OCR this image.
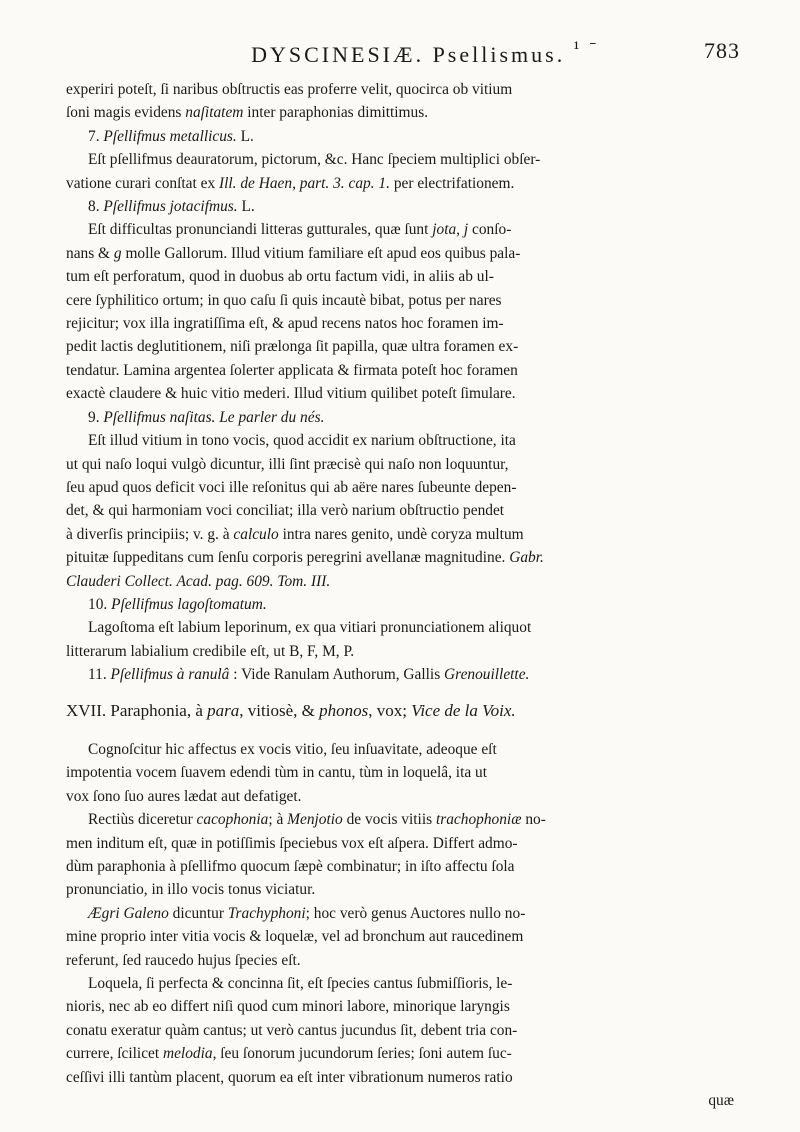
DYSCINESIÆ. Psellismus. $^{^1 ˉ}$	783

experiri poteſt, ſi naribus obſtructis eas proferre velit, quocirca ob vitium

ſoni magis evidens naſitatem inter paraphonias dimittimus.

7. Pſellifmus metallicus. L.

Eſt pſellifmus deauratorum, pictorum, &c. Hanc ſpeciem multiplici obſer-

vatione curari conſtat ex Ill. de Haen, part. 3. cap. 1. per electrifationem.

8. Pſellifmus jotacifmus. L.

Eſt difficultas pronunciandi litteras gutturales, quæ ſunt jota, j conſo-

nans & g molle Gallorum. Illud vitium familiare eſt apud eos quibus pala-

tum eſt perforatum, quod in duobus ab ortu factum vidi, in aliis ab ul-

cere ſyphilitico ortum; in quo caſu ſi quis incautè bibat, potus per nares

rejicitur; vox illa ingratiſſima eſt, & apud recens natos hoc foramen im-

pedit lactis deglutitionem, niſi prælonga ſit papilla, quæ ultra foramen ex-

tendatur. Lamina argentea ſolerter applicata & firmata poteſt hoc foramen

exactè claudere & huic vitio mederi. Illud vitium quilibet poteſt ſimulare.

9. Pſellifmus naſitas. Le parler du nés.

Eſt illud vitium in tono vocis, quod accidit ex narium obſtructione, ita

ut qui naſo loqui vulgò dicuntur, illi ſint præcisè qui naſo non loquuntur,

ſeu apud quos deficit voci ille reſonitus qui ab aëre nares ſubeunte depen-

det, & qui harmoniam voci conciliat; illa verò narium obſtructio pendet

à diverſis principiis; v. g. à calculo intra nares genito, undè coryza multum

pituitæ ſuppeditans cum ſenſu corporis peregrini avellanæ magnitudine. Gabr.

Clauderi Collect. Acad. pag. 609. Tom. III.

10. Pſellifmus lagoſtomatum.

Lagoſtoma eſt labium leporinum, ex qua vitiari pronunciationem aliquot

litterarum labialium credibile eſt, ut B, F, M, P.

11. Pſellifmus à ranulâ : Vide Ranulam Authorum, Gallis Grenouillette.

XVII. Paraphonia, à para, vitiosè, & phonos, vox; Vice de la Voix.

Cognoſcitur hic affectus ex vocis vitio, ſeu inſuavitate, adeoque eſt

impotentia vocem ſuavem edendi tùm in cantu, tùm in loquelâ, ita ut

vox ſono ſuo aures lædat aut defatiget.

Rectiùs diceretur cacophonia; à Menjotio de vocis vitiis trachophoniæ no-

men inditum eſt, quæ in potiſſimis ſpeciebus vox eſt aſpera. Differt admo-

dùm paraphonia à pſellifmo quocum ſæpè combinatur; in iſto affectu ſola

pronunciatio, in illo vocis tonus viciatur.

Ægri Galeno dicuntur Trachyphoni; hoc verò genus Auctores nullo no-

mine proprio inter vitia vocis & loquelæ, vel ad bronchum aut raucedinem

referunt, ſed raucedo hujus ſpecies eſt.

Loquela, ſi perfecta & concinna ſit, eſt ſpecies cantus ſubmiſſioris, le-

nioris, nec ab eo differt niſi quod cum minori labore, minorique laryngis

conatu exeratur quàm cantus; ut verò cantus jucundus ſit, debent tria con-

currere, ſcilicet melodia, ſeu ſonorum jucundorum ſeries; ſoni autem ſuc-

ceſſivi illi tantùm placent, quorum ea eſt inter vibrationum numeros ratio

quæ
